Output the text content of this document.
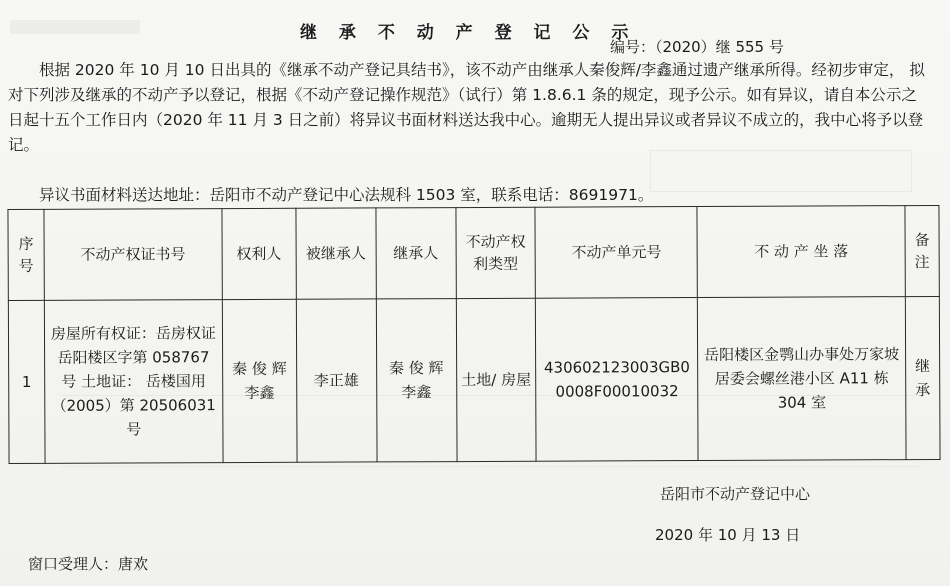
继 承 不 动 产 登 记 公 示
编号：（2020）继 555 号
根据 2020 年 10 月 10 日出具的《继承不动产登记具结书》，该不动产由继承人秦俊辉/李鑫通过遗产继承所得。经初步审定， 拟对下列涉及继承的不动产予以登记，根据《不动产登记操作规范》（试行）第 1.8.6.1 条的规定，现予公示。如有异议，请自本公示之日起十五个工作日内（2020 年 11 月 3 日之前）将异议书面材料送达我中心。逾期无人提出异议或者异议不成立的，我中心将予以登记。
异议书面材料送达地址：岳阳市不动产登记中心法规科 1503 室，联系电话：8691971。
序号	不动产权证书号	权利人	被继承人	继承人	不动产权利类型	不动产单元号	不 动 产 坐 落	备注
1	房屋所有权证：岳房权证岳阳楼区字第 058767 号 土地证： 岳楼国用（2005）第 20506031 号	秦 俊 辉 李鑫	李正雄	秦 俊 辉 李鑫	土地/ 房屋	430602123003GB00008F00010032	岳阳楼区金鹗山办事处万家坡居委会螺丝港小区 A11 栋 304 室	继承
岳阳市不动产登记中心
2020 年 10 月 13 日
窗口受理人：唐欢
